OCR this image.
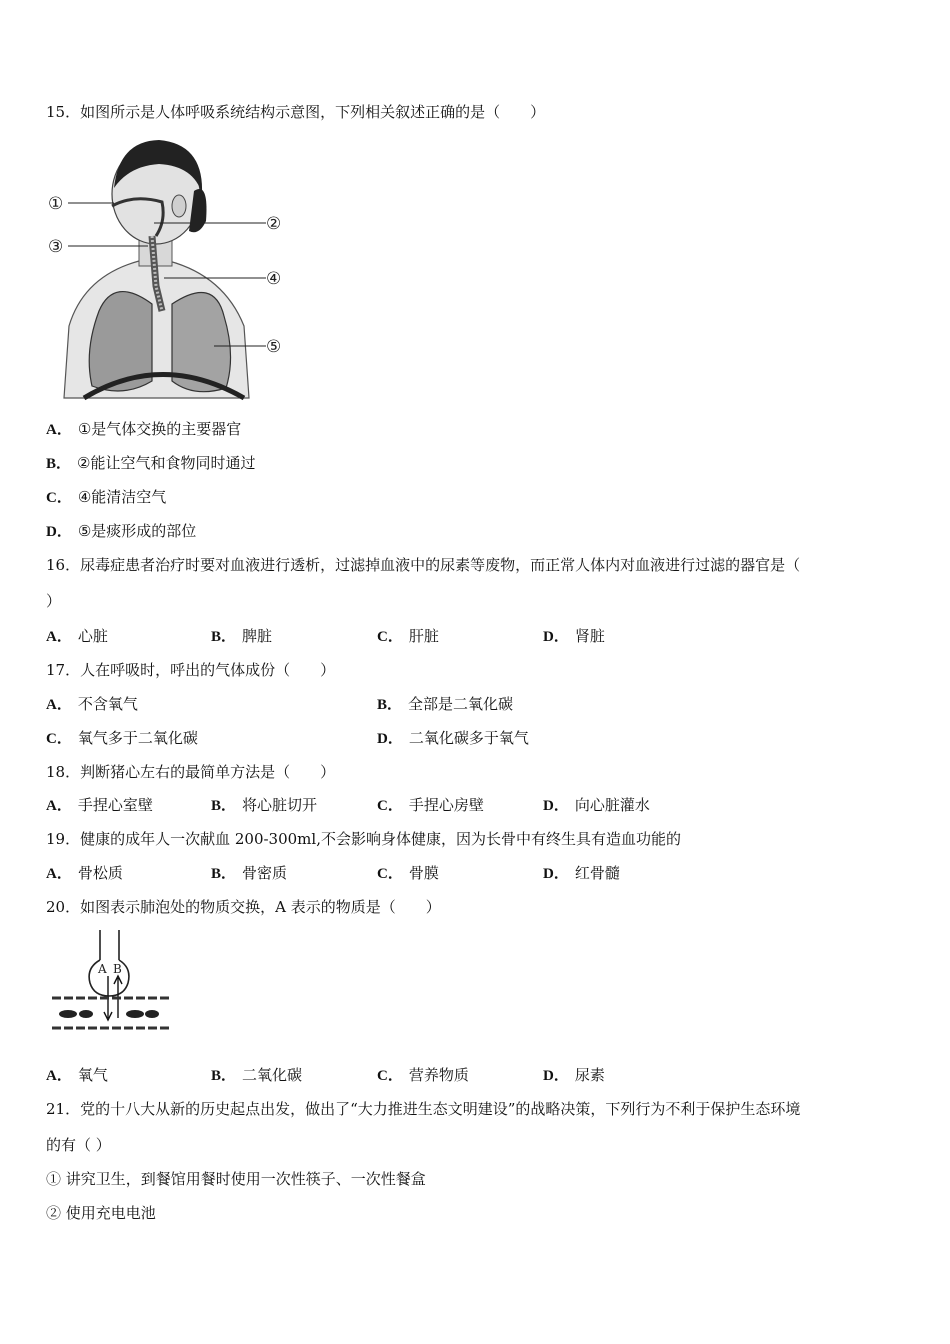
15．如图所示是人体呼吸系统结构示意图，下列相关叙述正确的是（　　）
①
②
③
④
⑤
A． ①是气体交换的主要器官
B． ②能让空气和食物同时通过
C． ④能清洁空气
D． ⑤是痰形成的部位
16．尿毒症患者治疗时要对血液进行透析，过滤掉血液中的尿素等废物，而正常人体内对血液进行过滤的器官是（
）
A． 心脏	B． 脾脏	C． 肝脏	D． 肾脏
17．人在呼吸时，呼出的气体成份（　　）
A． 不含氧气	B． 全部是二氧化碳
C． 氧气多于二氧化碳	D． 二氧化碳多于氧气
18．判断猪心左右的最简单方法是（　　）
A． 手捏心室壁	B． 将心脏切开	C． 手捏心房壁	D． 向心脏灌水
19．健康的成年人一次献血 200-300ml,不会影响身体健康，因为长骨中有终生具有造血功能的
A． 骨松质	B． 骨密质	C． 骨膜	D． 红骨髓
20．如图表示肺泡处的物质交换，A 表示的物质是（　　）
A B
A． 氧气	B． 二氧化碳	C． 营养物质	D． 尿素
21．党的十八大从新的历史起点出发，做出了“大力推进生态文明建设”的战略决策，下列行为不利于保护生态环境
的有（ ）
① 讲究卫生，到餐馆用餐时使用一次性筷子、一次性餐盒
② 使用充电电池
